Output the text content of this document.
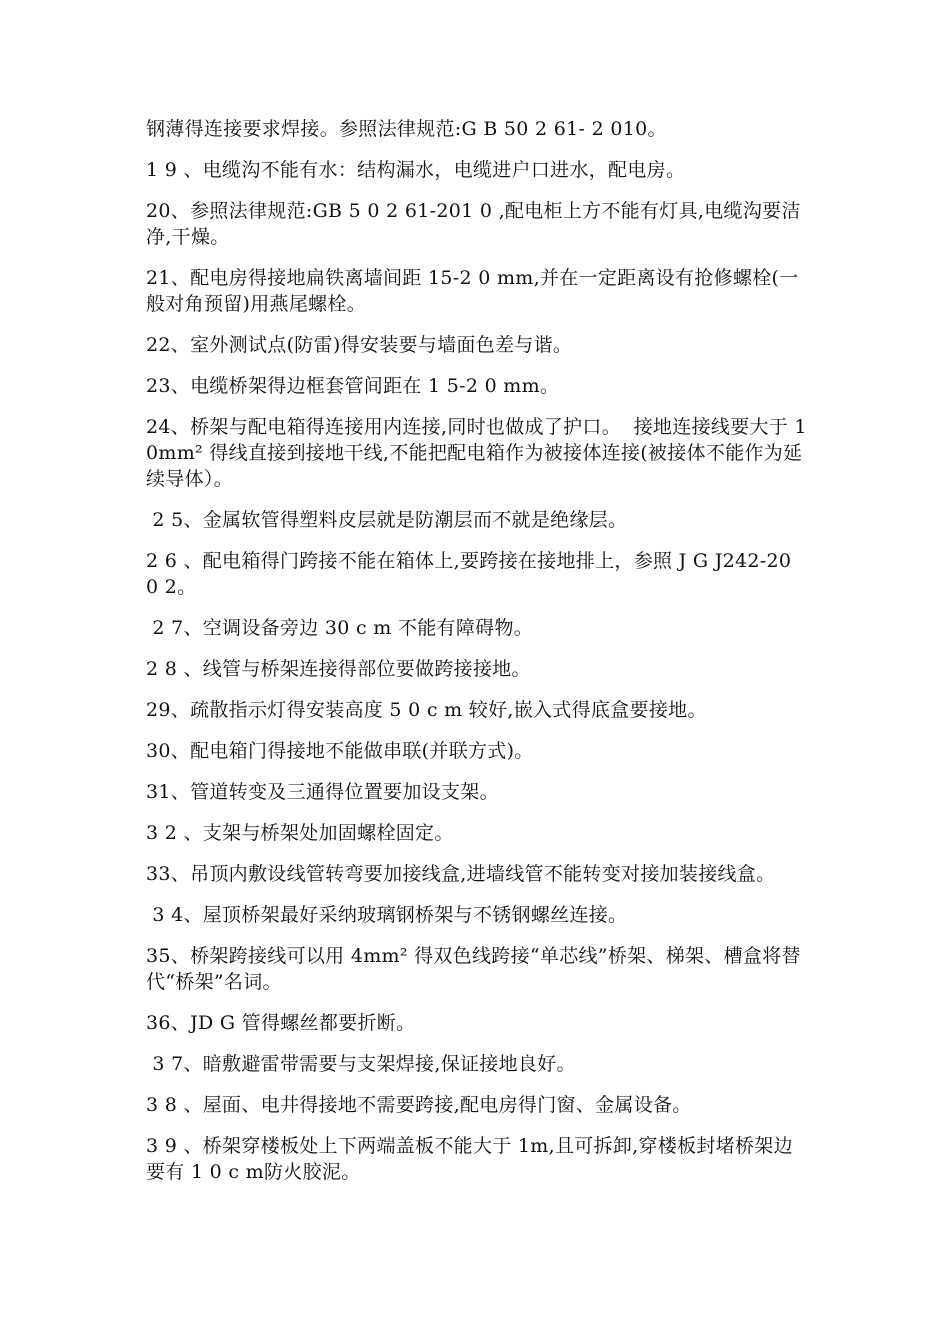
钢薄得连接要求焊接。参照法律规范:G B 50 2 61- 2 010。

1 9 、电缆沟不能有水：结构漏水，电缆进户口进水，配电房。

20、参照法律规范:GB 5 0 2 61-201 0 ,配电柜上方不能有灯具,电缆沟要洁净,干燥。

21、配电房得接地扁铁离墙间距 15-2 0 mm,并在一定距离设有抢修螺栓(一般对角预留)用燕尾螺栓。

22、室外测试点(防雷)得安装要与墙面色差与谐。

23、电缆桥架得边框套管间距在 1 5-2 0 mm。

24、桥架与配电箱得连接用内连接,同时也做成了护口。  接地连接线要大于 10mm² 得线直接到接地干线,不能把配电箱作为被接体连接(被接体不能作为延续导体）。

2 5、金属软管得塑料皮层就是防潮层而不就是绝缘层。

2 6 、配电箱得门跨接不能在箱体上,要跨接在接地排上，参照 J G J242-20 0 2。

2 7、空调设备旁边 30 c m 不能有障碍物。

2 8 、线管与桥架连接得部位要做跨接接地。

29、疏散指示灯得安装高度 5 0 c m 较好,嵌入式得底盒要接地。

30、配电箱门得接地不能做串联(并联方式)。

31、管道转变及三通得位置要加设支架。

3 2 、支架与桥架处加固螺栓固定。

33、吊顶内敷设线管转弯要加接线盒,进墙线管不能转变对接加装接线盒。

3 4、屋顶桥架最好采纳玻璃钢桥架与不锈钢螺丝连接。

35、桥架跨接线可以用 4mm² 得双色线跨接“单芯线”桥架、梯架、槽盒将替代“桥架”名词。

36、JD G 管得螺丝都要折断。

3 7、暗敷避雷带需要与支架焊接,保证接地良好。

3 8 、屋面、电井得接地不需要跨接,配电房得门窗、金属设备。

3 9 、桥架穿楼板处上下两端盖板不能大于 1m,且可拆卸,穿楼板封堵桥架边要有 1 0 c m防火胶泥。
